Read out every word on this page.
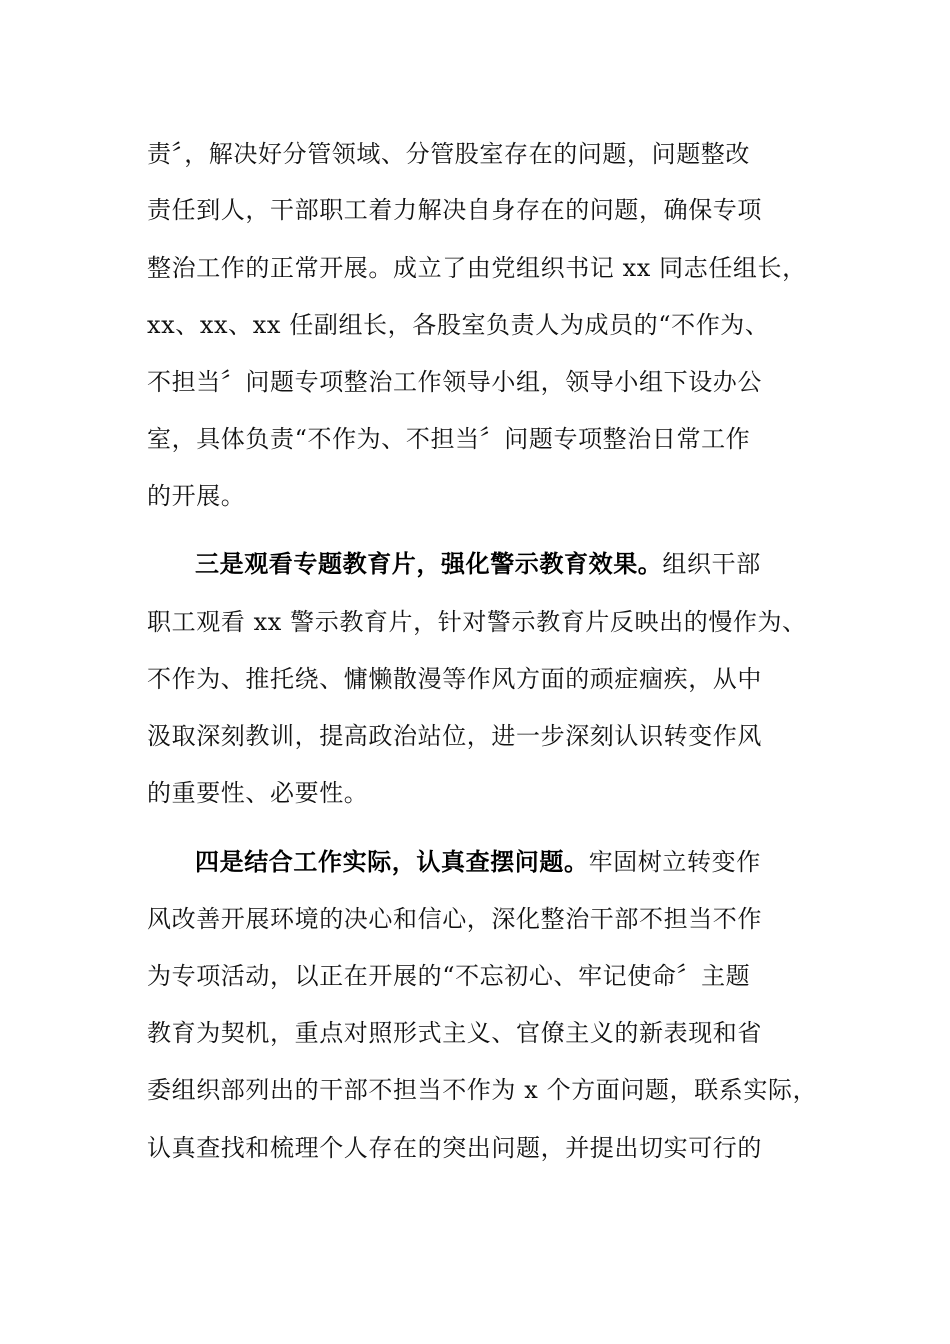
责〞，解决好分管领域、分管股室存在的问题，问题整改
责任到人，干部职工着力解决自身存在的问题，确保专项
整治工作的正常开展。成立了由党组织书记 xx 同志任组长，
xx、xx、xx 任副组长，各股室负责人为成员的“不作为、
不担当〞问题专项整治工作领导小组，领导小组下设办公
室，具体负责“不作为、不担当〞问题专项整治日常工作
的开展。
三是观看专题教育片，强化警示教育效果。组织干部
职工观看 xx 警示教育片，针对警示教育片反映出的慢作为、
不作为、推托绕、慵懒散漫等作风方面的顽症痼疾，从中
汲取深刻教训，提高政治站位，进一步深刻认识转变作风
的重要性、必要性。
四是结合工作实际，认真查摆问题。牢固树立转变作
风改善开展环境的决心和信心，深化整治干部不担当不作
为专项活动，以正在开展的“不忘初心、牢记使命〞主题
教育为契机，重点对照形式主义、官僚主义的新表现和省
委组织部列出的干部不担当不作为 x 个方面问题，联系实际，
认真查找和梳理个人存在的突出问题，并提出切实可行的
